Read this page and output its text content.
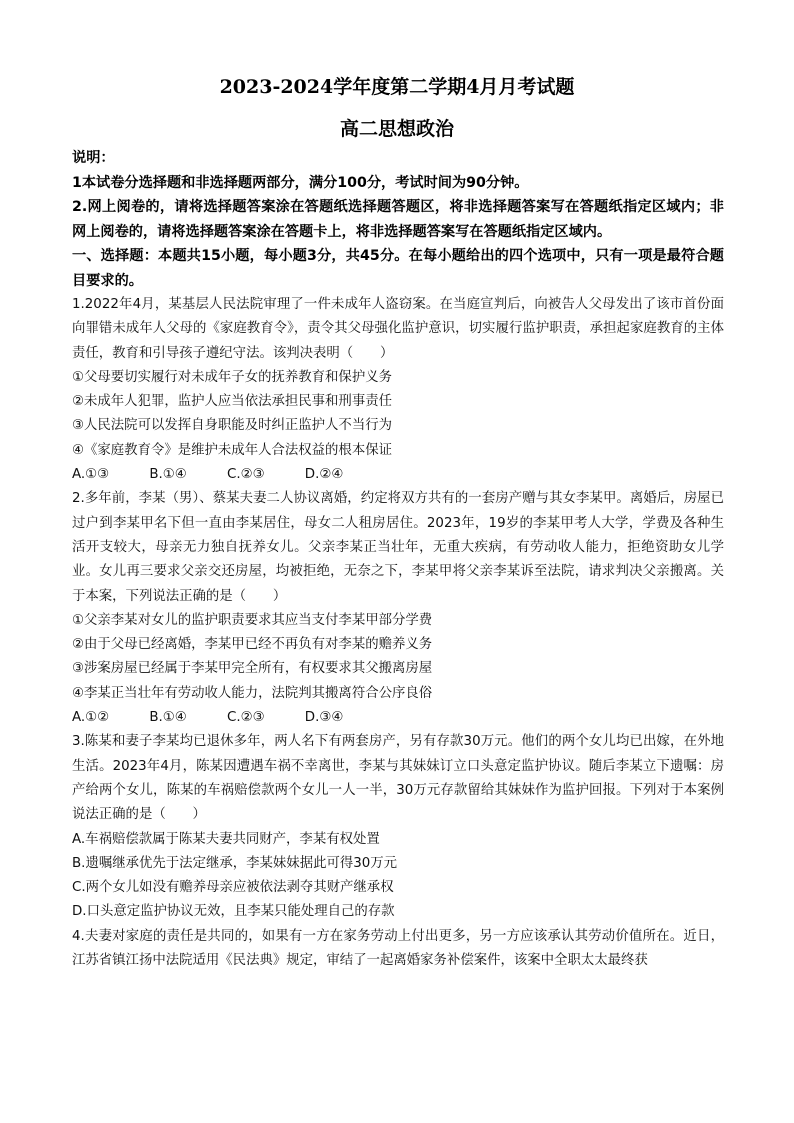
2023-2024学年度第二学期4月月考试题
高二思想政治

说明：

1本试卷分选择题和非选择题两部分，满分100分，考试时间为90分钟。

2.网上阅卷的，请将选择题答案涂在答题纸选择题答题区，将非选择题答案写在答题纸指定区域内；非网上阅卷的，请将选择题答案涂在答题卡上，将非选择题答案写在答题纸指定区域内。

一、选择题：本题共15小题，每小题3分，共45分。在每小题给出的四个选项中，只有一项是最符合题目要求的。

1.2022年4月，某基层人民法院审理了一件未成年人盗窃案。在当庭宣判后，向被告人父母发出了该市首份面向罪错未成年人父母的《家庭教育令》，责令其父母强化监护意识，切实履行监护职责，承担起家庭教育的主体责任，教育和引导孩子遵纪守法。该判决表明（　　）

①父母要切实履行对未成年子女的抚养教育和保护义务

②未成年人犯罪，监护人应当依法承担民事和刑事责任

③人民法院可以发挥自身职能及时纠正监护人不当行为

④《家庭教育令》是维护未成年人合法权益的根本保证

A.①③　　　B.①④　　　C.②③　　　D.②④

2.多年前，李某（男）、蔡某夫妻二人协议离婚，约定将双方共有的一套房产赠与其女李某甲。离婚后，房屋已过户到李某甲名下但一直由李某居住，母女二人租房居住。2023年，19岁的李某甲考人大学，学费及各种生活开支较大，母亲无力独自抚养女儿。父亲李某正当壮年，无重大疾病，有劳动收人能力，拒绝资助女儿学业。女儿再三要求父亲交还房屋，均被拒绝，无奈之下，李某甲将父亲李某诉至法院，请求判决父亲搬离。关于本案，下列说法正确的是（　　）

①父亲李某对女儿的监护职责要求其应当支付李某甲部分学费

②由于父母已经离婚，李某甲已经不再负有对李某的赡养义务

③涉案房屋已经属于李某甲完全所有，有权要求其父搬离房屋

④李某正当壮年有劳动收人能力，法院判其搬离符合公序良俗

A.①②　　　B.①④　　　C.②③　　　D.③④

3.陈某和妻子李某均已退休多年，两人名下有两套房产，另有存款30万元。他们的两个女儿均已出嫁，在外地生活。2023年4月，陈某因遭遇车祸不幸离世，李某与其妹妹订立口头意定监护协议。随后李某立下遗嘱：房产给两个女儿，陈某的车祸赔偿款两个女儿一人一半，30万元存款留给其妹妹作为监护回报。下列对于本案例说法正确的是（　　）

A.车祸赔偿款属于陈某夫妻共同财产，李某有权处置

B.遗嘱继承优先于法定继承，李某妹妹据此可得30万元

C.两个女儿如没有赡养母亲应被依法剥夺其财产继承权

D.口头意定监护协议无效，且李某只能处理自己的存款

4.夫妻对家庭的责任是共同的，如果有一方在家务劳动上付出更多，另一方应该承认其劳动价值所在。近日，江苏省镇江扬中法院适用《民法典》规定，审结了一起离婚家务补偿案件，该案中全职太太最终获
